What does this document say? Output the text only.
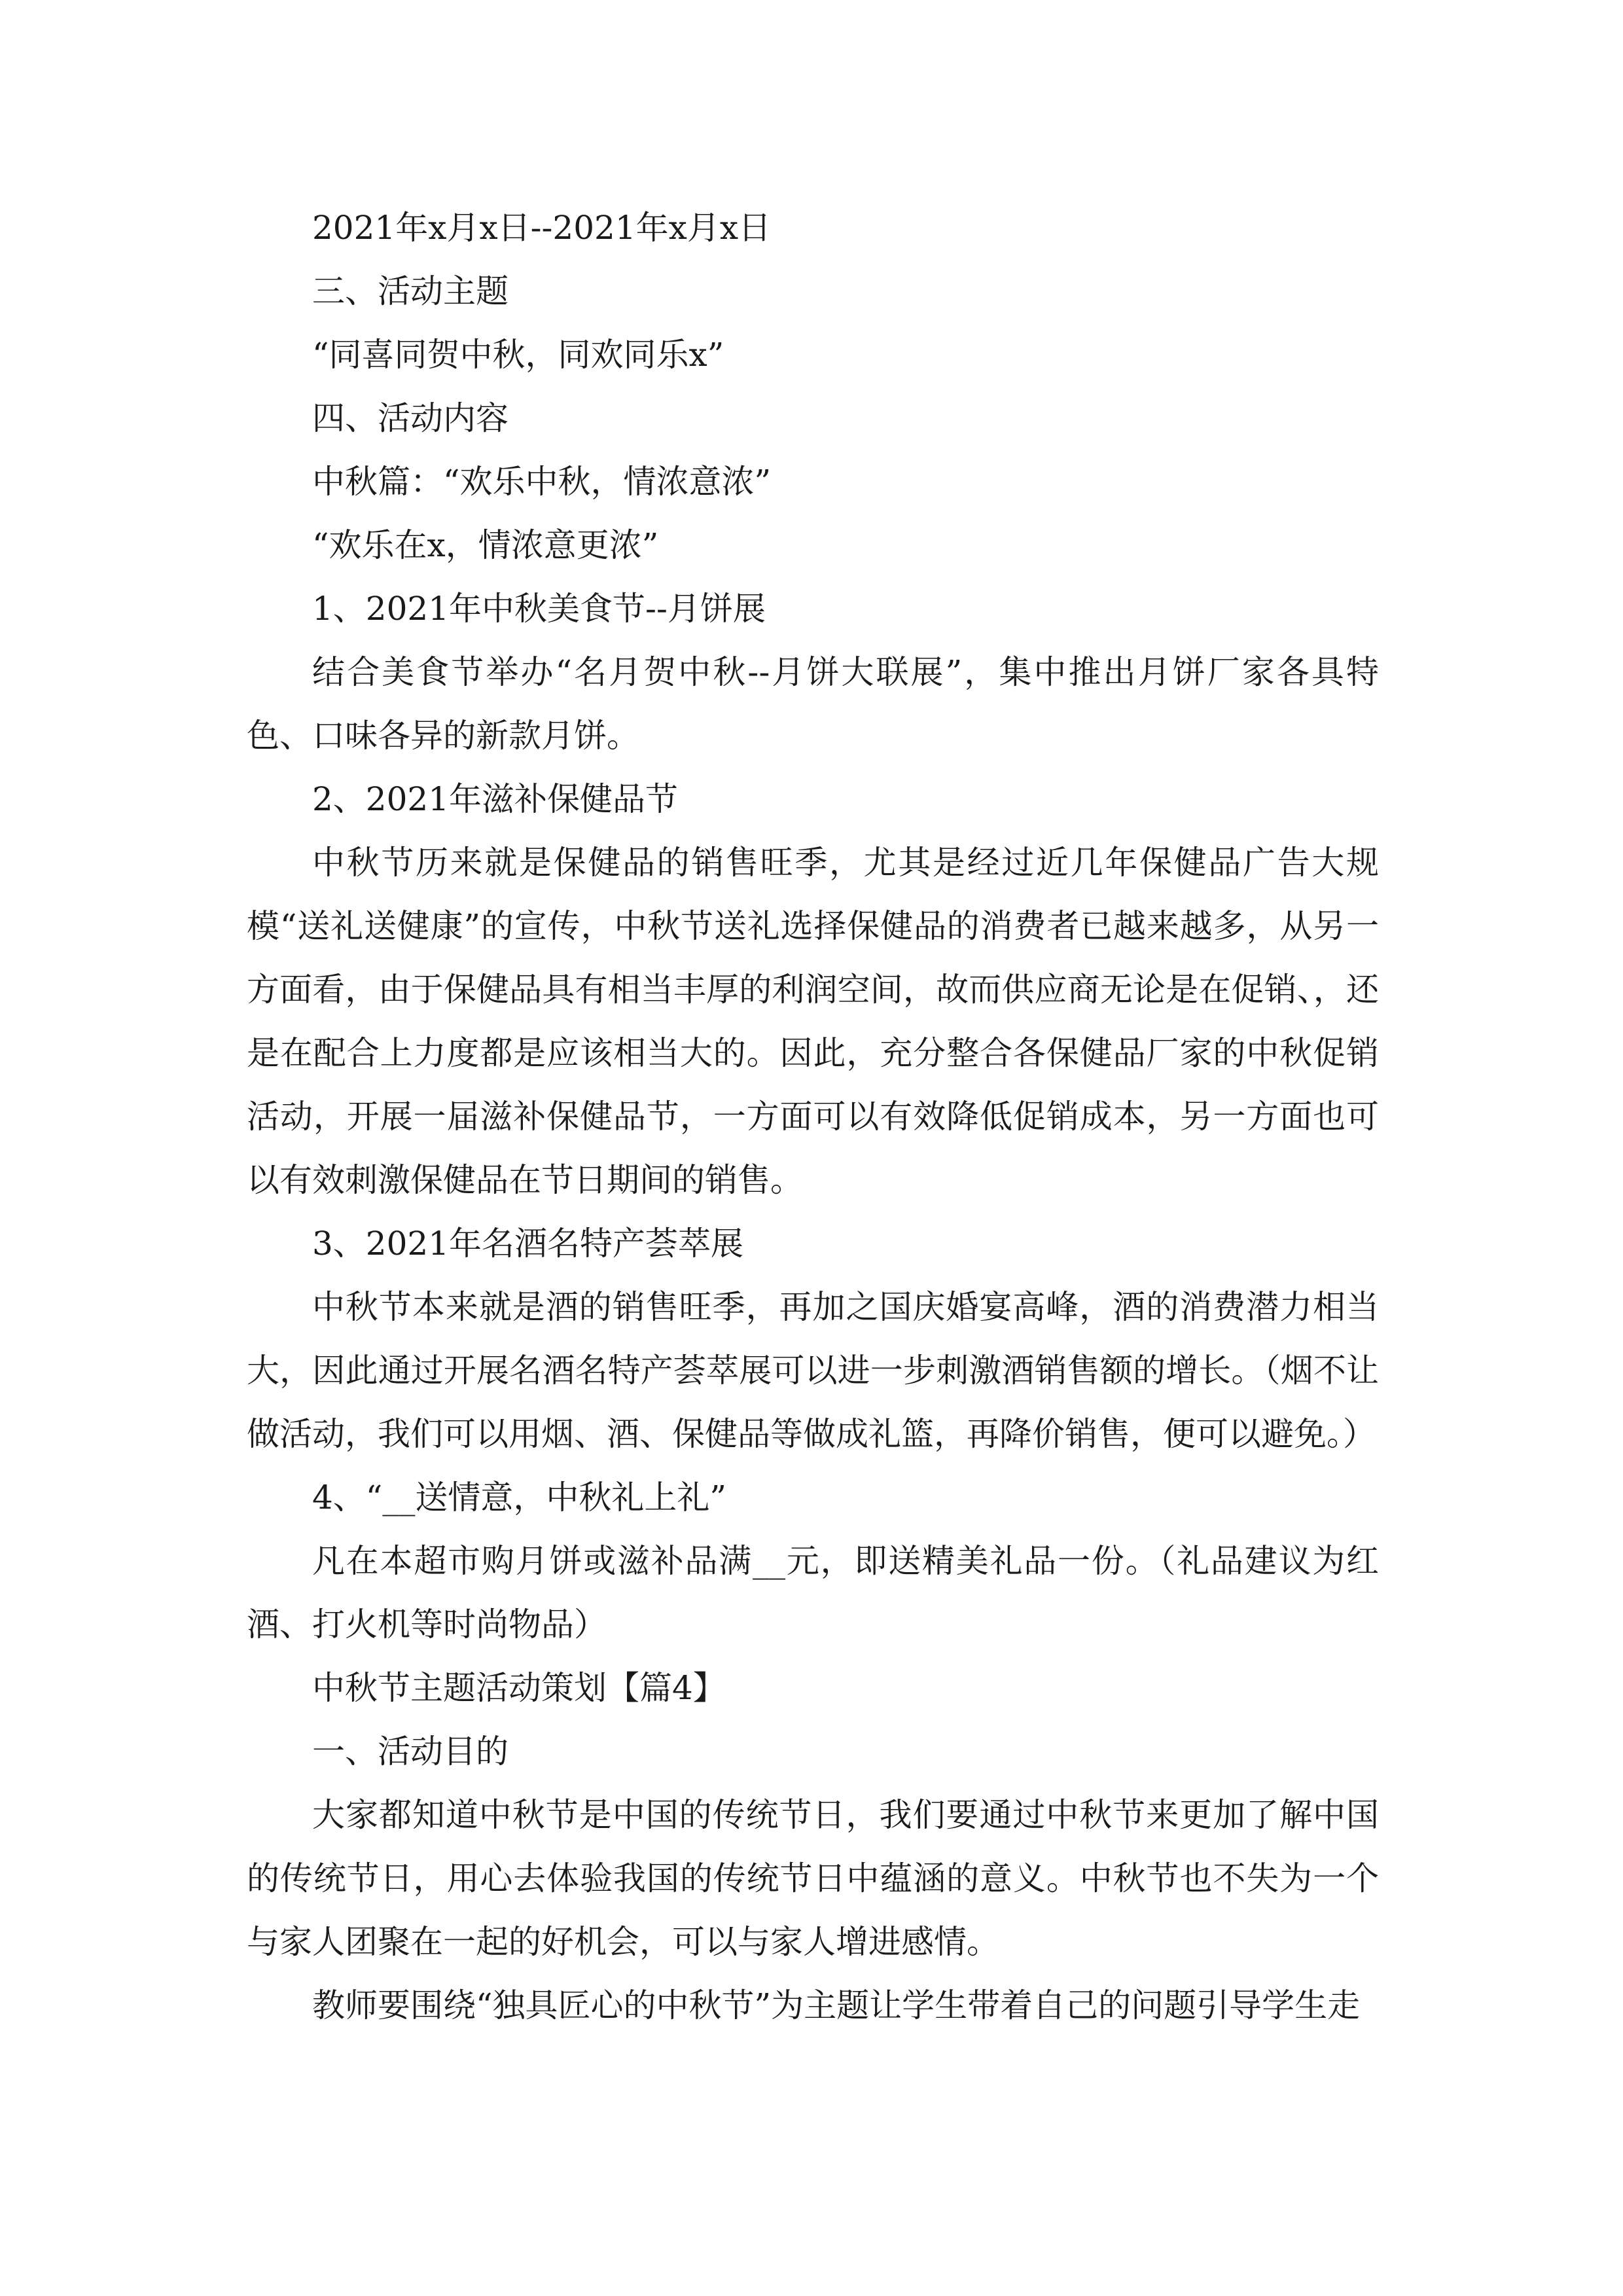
2021年x月x日--2021年x月x日

三、活动主题

“同喜同贺中秋，同欢同乐x”

四、活动内容

中秋篇：“欢乐中秋，情浓意浓”

“欢乐在x，情浓意更浓”

1、2021年中秋美食节--月饼展

结合美食节举办“名月贺中秋--月饼大联展”，集中推出月饼厂家各具特色、口味各异的新款月饼。

2、2021年滋补保健品节

中秋节历来就是保健品的销售旺季，尤其是经过近几年保健品广告大规模“送礼送健康”的宣传，中秋节送礼选择保健品的消费者已越来越多，从另一方面看，由于保健品具有相当丰厚的利润空间，故而供应商无论是在促销、，还是在配合上力度都是应该相当大的。因此，充分整合各保健品厂家的中秋促销活动，开展一届滋补保健品节，一方面可以有效降低促销成本，另一方面也可以有效刺激保健品在节日期间的销售。

3、2021年名酒名特产荟萃展

中秋节本来就是酒的销售旺季，再加之国庆婚宴高峰，酒的消费潜力相当大，因此通过开展名酒名特产荟萃展可以进一步刺激酒销售额的增长。（烟不让做活动，我们可以用烟、酒、保健品等做成礼篮，再降价销售，便可以避免。）

4、“__送情意，中秋礼上礼”

凡在本超市购月饼或滋补品满__元，即送精美礼品一份。（礼品建议为红酒、打火机等时尚物品）

中秋节主题活动策划【篇4】

一、活动目的

大家都知道中秋节是中国的传统节日，我们要通过中秋节来更加了解中国的传统节日，用心去体验我国的传统节日中蕴涵的意义。中秋节也不失为一个与家人团聚在一起的好机会，可以与家人增进感情。

教师要围绕“独具匠心的中秋节”为主题让学生带着自己的问题引导学生走
